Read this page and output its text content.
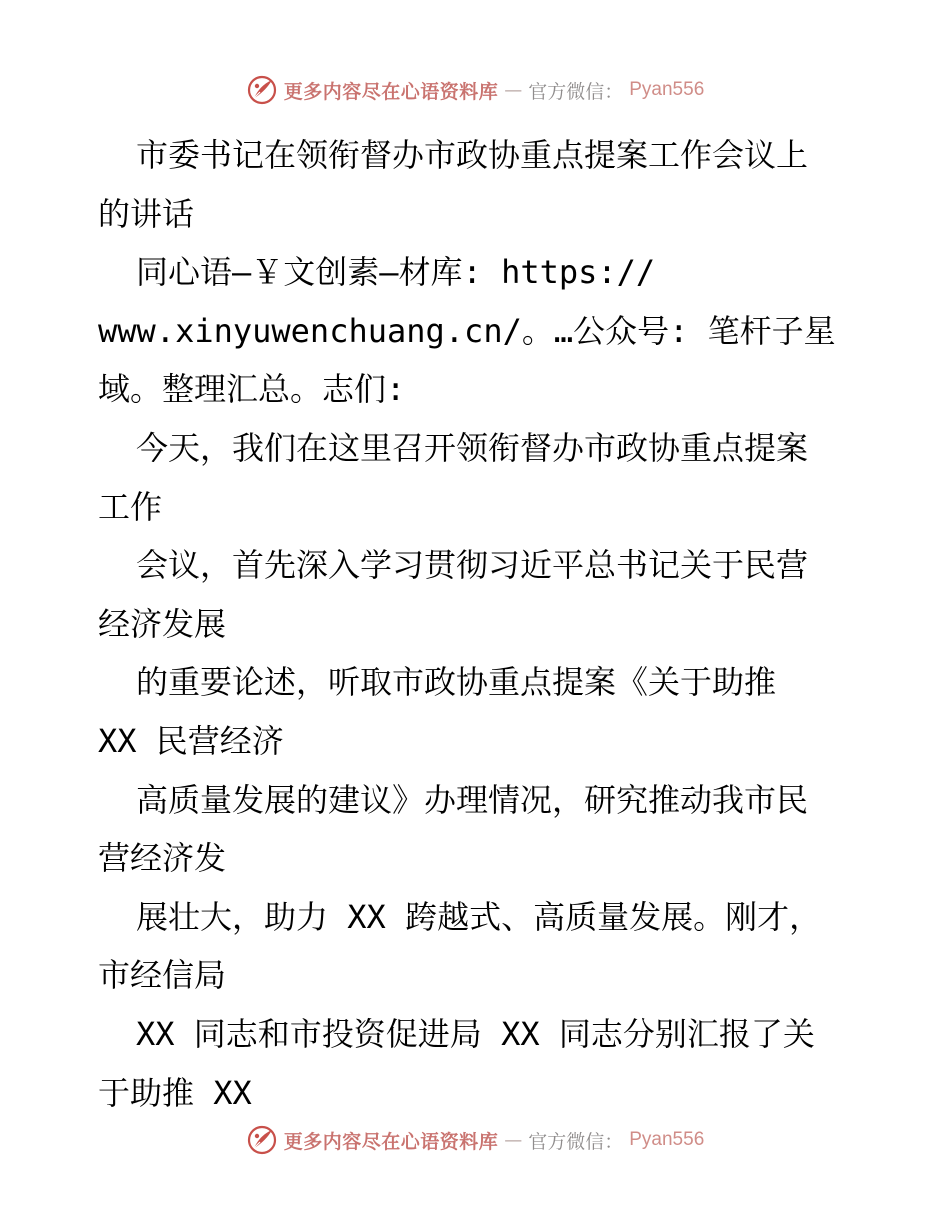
更多内容尽在心语资料库 — 官方微信： Pyan556
市委书记在领衔督办市政协重点提案工作会议上
的讲话
同心语—￥文创素—材库: https://
www.xinyuwenchuang.cn/。…公众号: 笔杆子星
域。整理汇总。志们:
今天，我们在这里召开领衔督办市政协重点提案
工作
会议，首先深入学习贯彻习近平总书记关于民营
经济发展
的重要论述，听取市政协重点提案《关于助推
XX 民营经济
高质量发展的建议》办理情况，研究推动我市民
营经济发
展壮大，助力 XX 跨越式、高质量发展。刚才，
市经信局
XX 同志和市投资促进局 XX 同志分别汇报了关
于助推 XX
更多内容尽在心语资料库 — 官方微信： Pyan556
